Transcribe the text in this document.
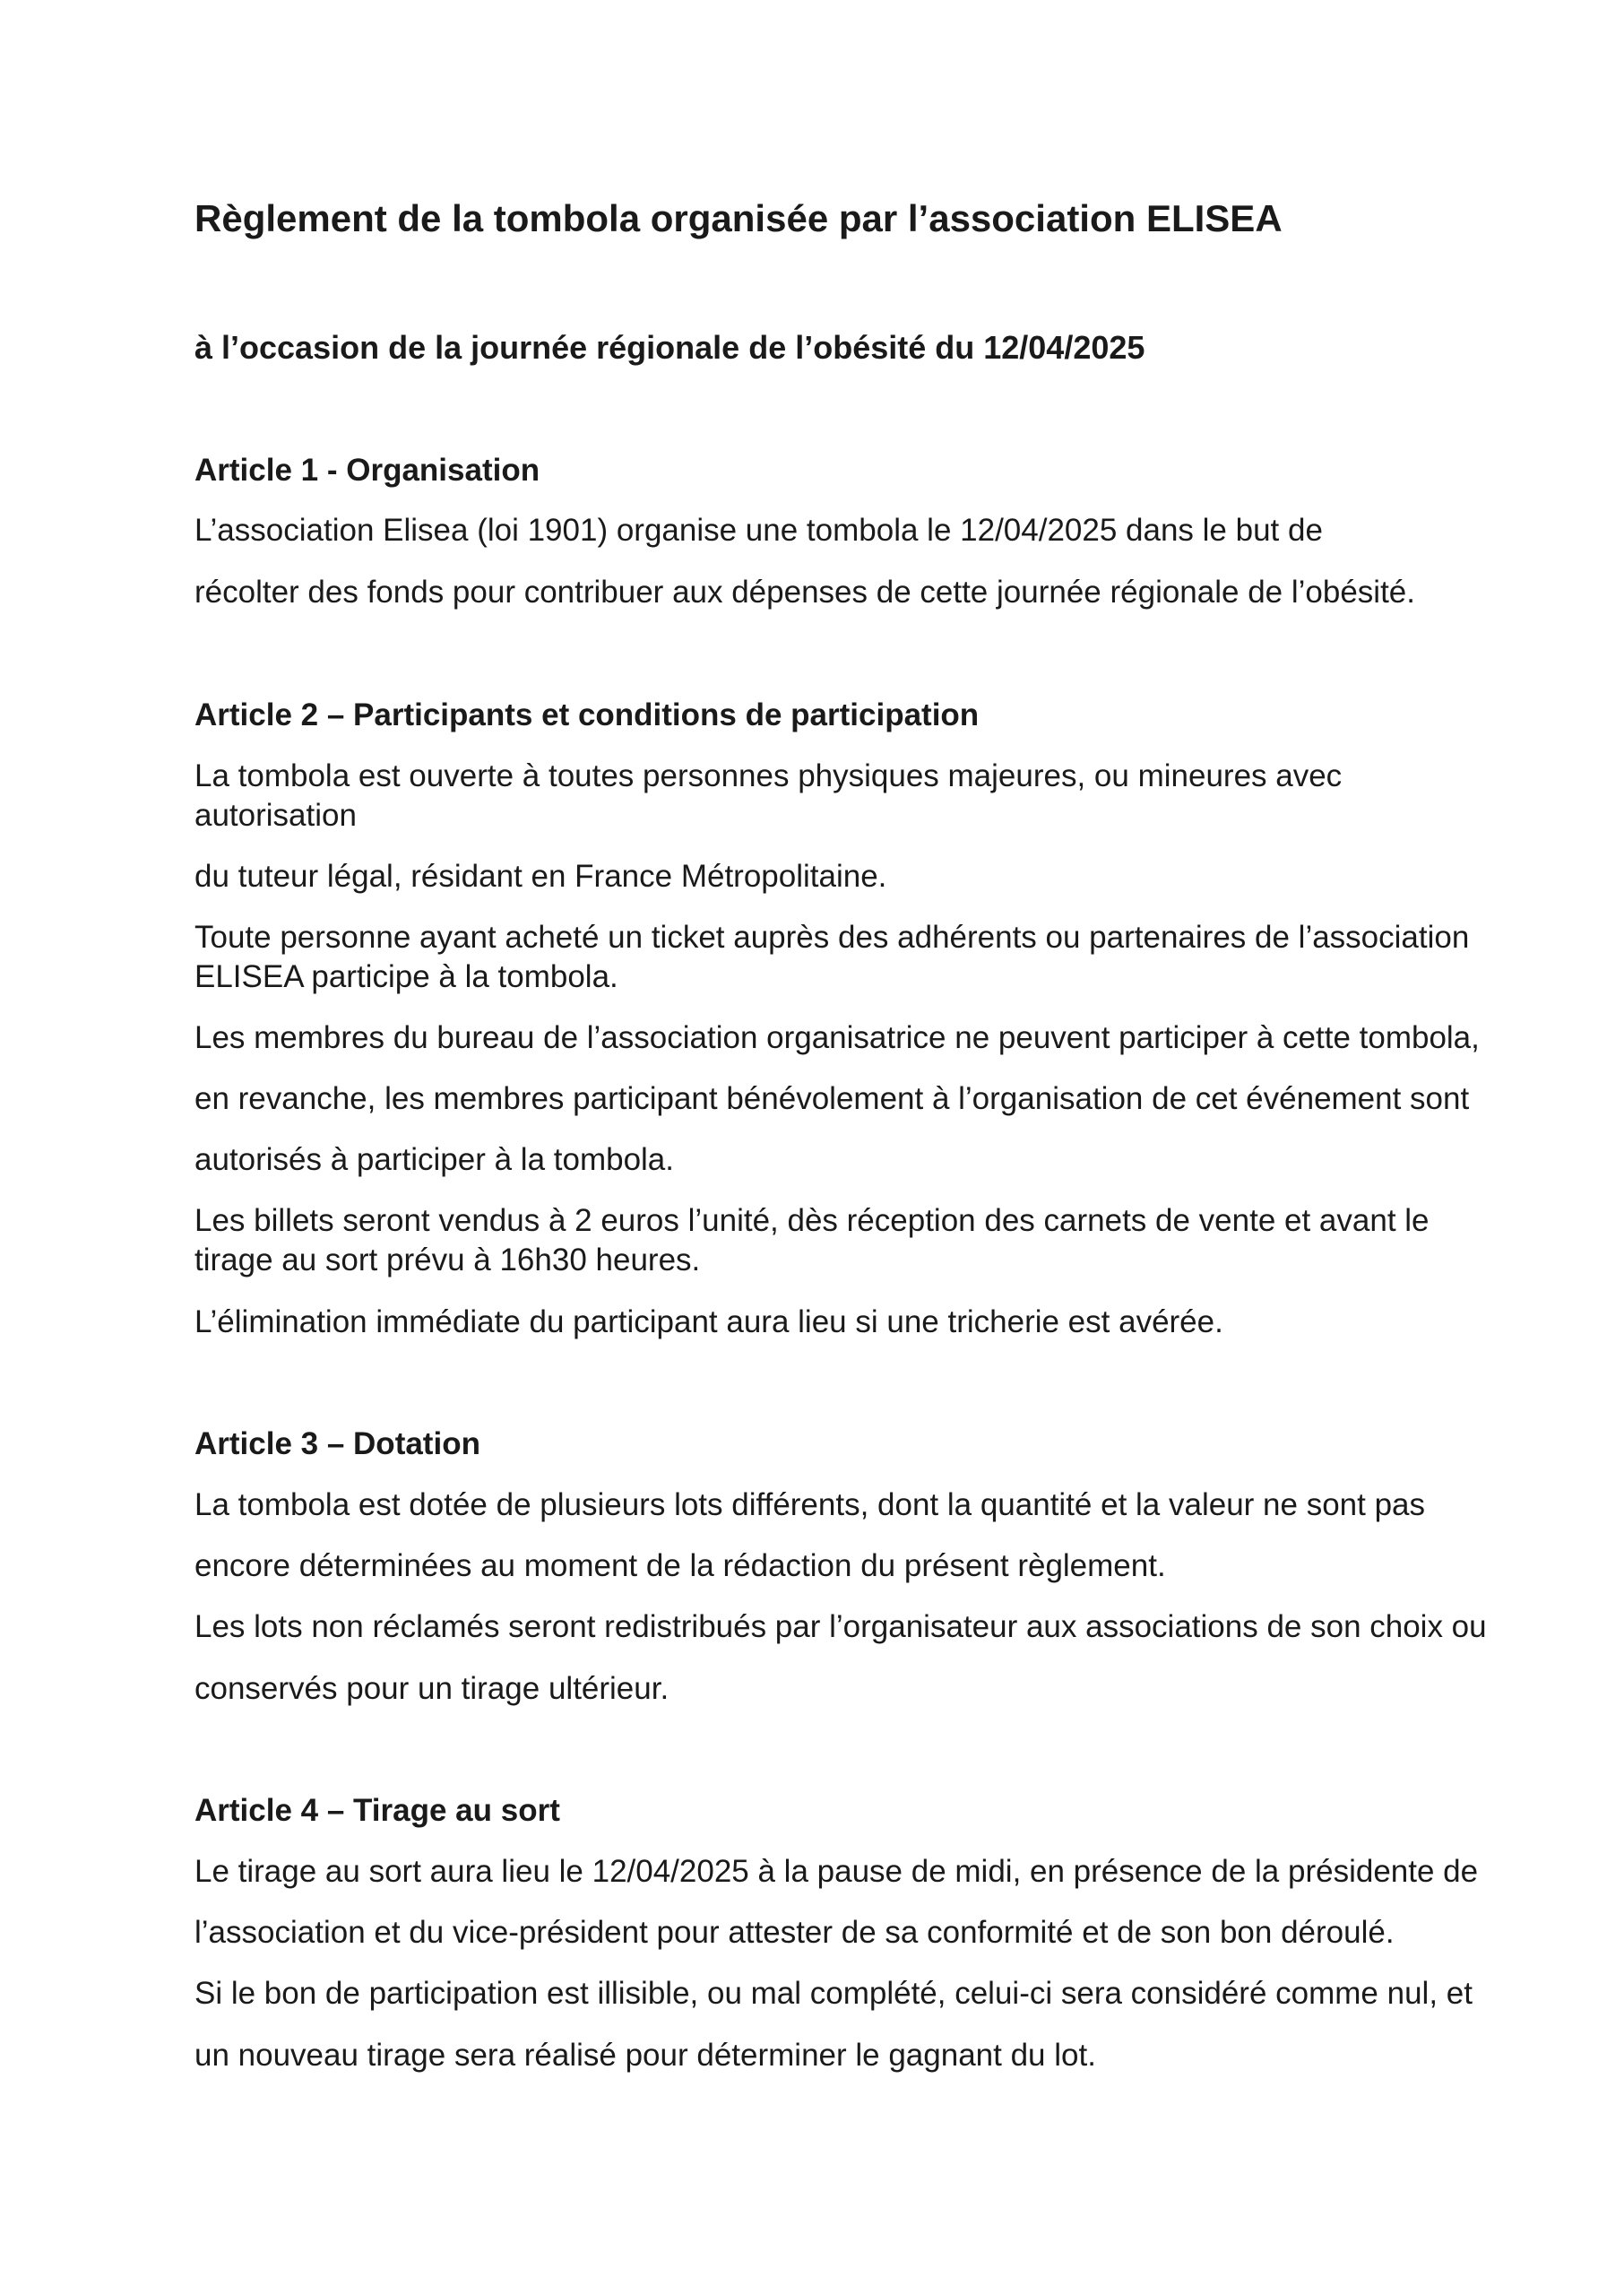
Règlement de la tombola organisée par l’association ELISEA
à l’occasion de la journée régionale de l’obésité du 12/04/2025
Article 1 - Organisation

L’association Elisea (loi 1901) organise une tombola le 12/04/2025 dans le but de

récolter des fonds pour contribuer aux dépenses de cette journée régionale de l’obésité.

Article 2 – Participants et conditions de participation

La tombola est ouverte à toutes personnes physiques majeures, ou mineures avec

autorisation

du tuteur légal, résidant en France Métropolitaine.

Toute personne ayant acheté un ticket auprès des adhérents ou partenaires de l’association

ELISEA participe à la tombola.

Les membres du bureau de l’association organisatrice ne peuvent participer à cette tombola,

en revanche, les membres participant bénévolement à l’organisation de cet événement sont

autorisés à participer à la tombola.

Les billets seront vendus à 2 euros l’unité, dès réception des carnets de vente et avant le

tirage au sort prévu à 16h30 heures.

L’élimination immédiate du participant aura lieu si une tricherie est avérée.

Article 3 – Dotation

La tombola est dotée de plusieurs lots différents, dont la quantité et la valeur ne sont pas

encore déterminées au moment de la rédaction du présent règlement.

Les lots non réclamés seront redistribués par l’organisateur aux associations de son choix ou

conservés pour un tirage ultérieur.

Article 4 – Tirage au sort

Le tirage au sort aura lieu le 12/04/2025 à la pause de midi, en présence de la présidente de

l’association et du vice-président pour attester de sa conformité et de son bon déroulé.

Si le bon de participation est illisible, ou mal complété, celui-ci sera considéré comme nul, et

un nouveau tirage sera réalisé pour déterminer le gagnant du lot.
